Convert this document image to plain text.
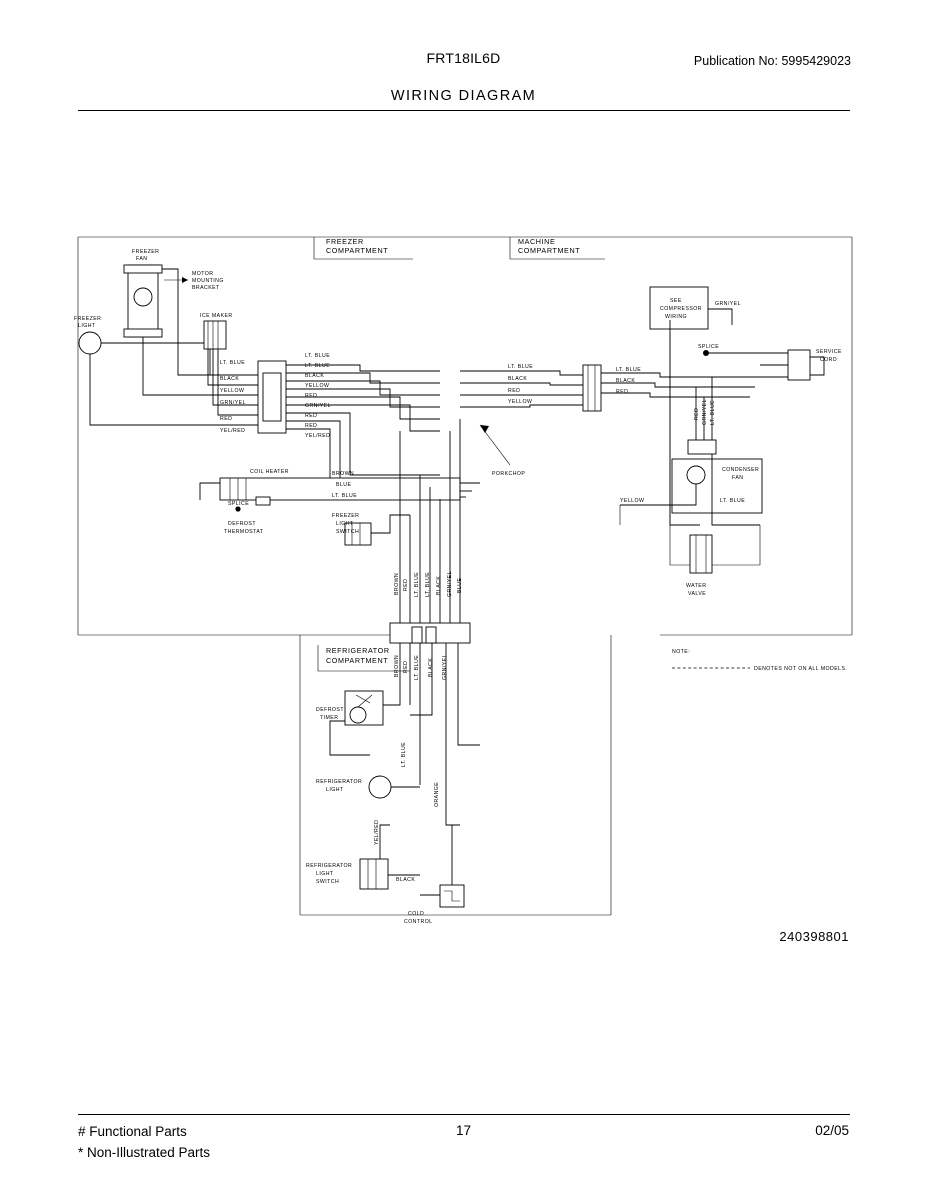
FRT18IL6D	Publication No: 5995429023
WIRING DIAGRAM
FREEZER
COMPARTMENT
MACHINE
COMPARTMENT
REFRIGERATOR
COMPARTMENT
FREEZER
FAN
MOTOR
MOUNTING
BRACKET
FREEZER
LIGHT
ICE MAKER
LT. BLUE
BLACK
YELLOW
GRN/YEL
RED
YEL/RED
LT. BLUE
LT. BLUE
BLACK
YELLOW
RED
GRN/YEL
RED
RED
YEL/RED
LT. BLUE
BLACK
RED
YELLOW
PORKCHOP
LT. BLUE
BLACK
RED
SEE
COMPRESSOR
WIRING
GRN/YEL
SPLICE
SERVICE
CORD
RED GRN/YEL LT. BLUE
CONDENSER
FAN
YELLOW	LT. BLUE
WATER
VALVE
COIL HEATER
SPLICE
DEFROST
THERMOSTAT
BROWN
BLUE
LT. BLUE
FREEZER
LIGHT
SWITCH
BROWN RED LT. BLUE LT. BLUE BLACK GRN/YEL BLUE
BROWN RED LT. BLUE BLACK GRN/YEL
DEFROST
TIMER
REFRIGERATOR
LIGHT
LT. BLUE
ORANGE
REFRIGERATOR
LIGHT
SWITCH
YEL/RED
BLACK
COLD
CONTROL
NOTE:
DENOTES NOT ON ALL MODELS.
240398801
# Functional Parts
* Non-Illustrated Parts
17	02/05
